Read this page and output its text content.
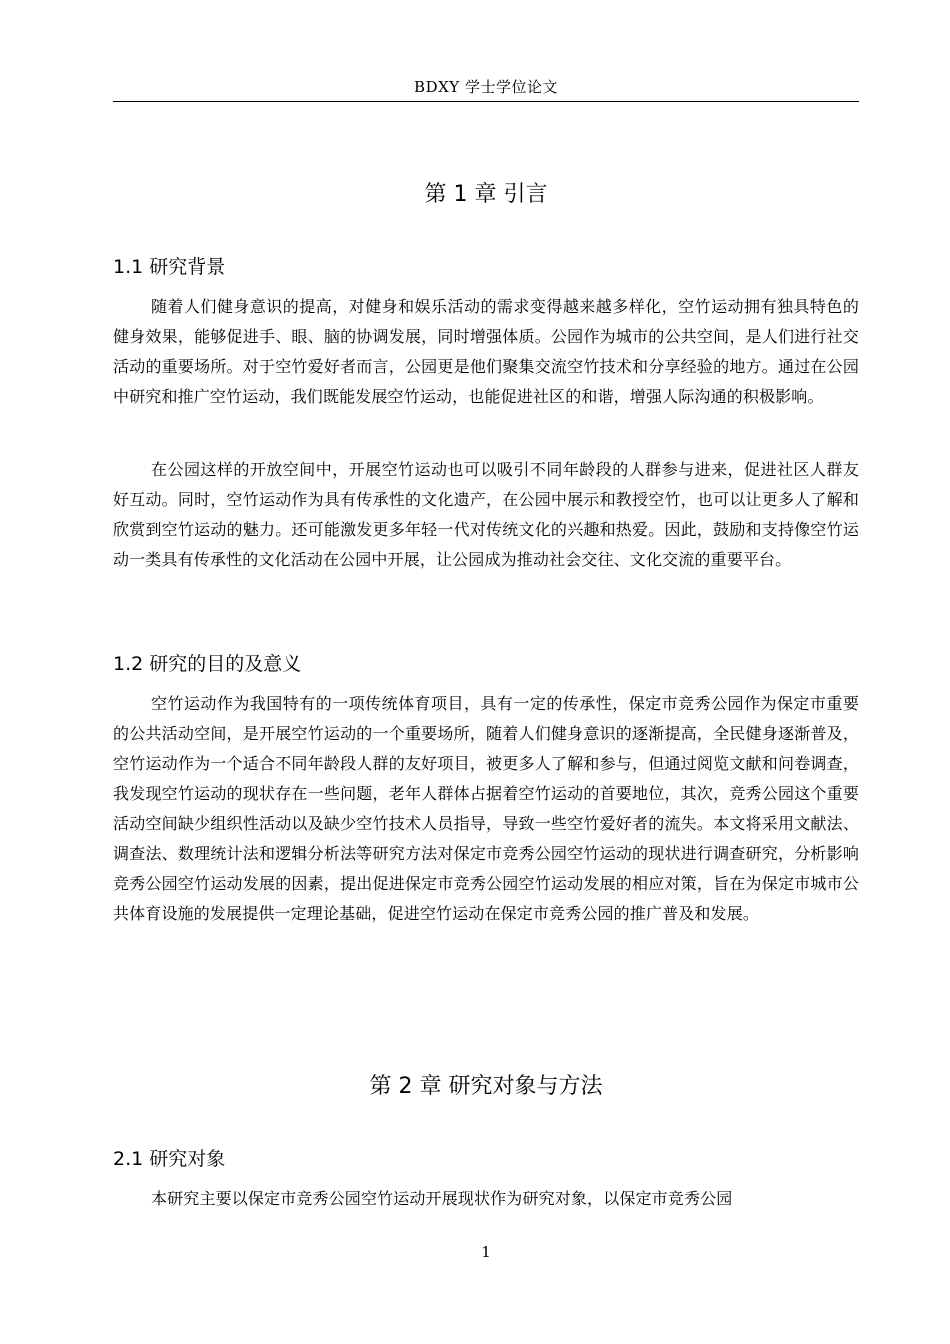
BDXY 学士学位论文
第 1 章 引言
1.1 研究背景

随着人们健身意识的提高，对健身和娱乐活动的需求变得越来越多样化，空竹运动拥有独具特色的健身效果，能够促进手、眼、脑的协调发展，同时增强体质。公园作为城市的公共空间，是人们进行社交活动的重要场所。对于空竹爱好者而言，公园更是他们聚集交流空竹技术和分享经验的地方。通过在公园中研究和推广空竹运动，我们既能发展空竹运动，也能促进社区的和谐，增强人际沟通的积极影响。

在公园这样的开放空间中，开展空竹运动也可以吸引不同年龄段的人群参与进来，促进社区人群友好互动。同时，空竹运动作为具有传承性的文化遗产，在公园中展示和教授空竹，也可以让更多人了解和欣赏到空竹运动的魅力。还可能激发更多年轻一代对传统文化的兴趣和热爱。因此，鼓励和支持像空竹运动一类具有传承性的文化活动在公园中开展，让公园成为推动社会交往、文化交流的重要平台。

1.2 研究的目的及意义

空竹运动作为我国特有的一项传统体育项目，具有一定的传承性，保定市竞秀公园作为保定市重要的公共活动空间，是开展空竹运动的一个重要场所，随着人们健身意识的逐渐提高，全民健身逐渐普及，空竹运动作为一个适合不同年龄段人群的友好项目，被更多人了解和参与，但通过阅览文献和问卷调查，我发现空竹运动的现状存在一些问题，老年人群体占据着空竹运动的首要地位，其次，竞秀公园这个重要活动空间缺少组织性活动以及缺少空竹技术人员指导，导致一些空竹爱好者的流失。本文将采用文献法、调查法、数理统计法和逻辑分析法等研究方法对保定市竞秀公园空竹运动的现状进行调查研究，分析影响竞秀公园空竹运动发展的因素，提出促进保定市竞秀公园空竹运动发展的相应对策，旨在为保定市城市公共体育设施的发展提供一定理论基础，促进空竹运动在保定市竞秀公园的推广普及和发展。

第 2 章 研究对象与方法
2.1 研究对象

本研究主要以保定市竞秀公园空竹运动开展现状作为研究对象，以保定市竞秀公园

1
